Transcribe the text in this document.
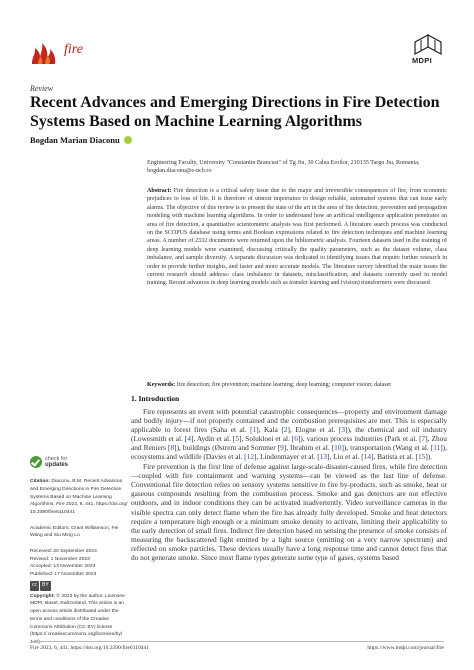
fire
MDPI
Review
Recent Advances and Emerging Directions in Fire Detection Systems Based on Machine Learning Algorithms
Bogdan Marian Diaconu

Engineering Faculty, University "Constantin Brancusi" of Tg Jiu, 30 Calea Eroilor, 210135 Targu Jiu, Romania;

bogdan.diaconu@e-ucb.ro

Abstract: Fire detection is a critical safety issue due to the major and irreversible consequences of fire, from economic prejudices to loss of life. It is therefore of utmost importance to design reliable, automated systems that can issue early alarms. The objective of this review is to present the state of the art in the area of fire detection, prevention and propagation modeling with machine learning algorithms. In order to understand how an artificial intelligence application penetrates an area of fire detection, a quantitative scientometric analysis was first performed. A literature search process was conducted on the SCOPUS database using terms and Boolean expressions related to fire detection techniques and machine learning areas. A number of 2332 documents were returned upon the bibliometric analysis. Fourteen datasets used in the training of deep learning models were examined, discussing critically the quality parameters, such as the dataset volume, class imbalance, and sample diversity. A separate discussion was dedicated to identifying issues that require further research in order to provide further insights, and faster and more accurate models. The literature survey identified the main issues the current research should address: class imbalance in datasets, misclassification, and datasets currently used in model training. Recent advances in deep learning models such as transfer learning and (vision) transformers were discussed.
Keywords: fire detection; fire prevention; machine learning; deep learning; computer vision; dataset
check for
updates

Citation: Diaconu, B.M. Recent Advances and Emerging Directions in Fire Detection Systems Based on Machine Learning Algorithms. Fire 2023, 6, 441. https://doi.org/ 10.3390/fire6110441

Academic Editors: Grant Williamson, Fei Wang and Siu Ming Lo

Received: 20 September 2023

Revised: 1 November 2023

Accepted: 13 November 2023

Published: 17 November 2023

cc	BY

Copyright: © 2023 by the author. Licensee MDPI, Basel, Switzerland. This article is an open access article distributed under the terms and conditions of the Creative Commons Attribution (CC BY) license (https:// creativecommons.org/licenses/by/ 4.0/).

1. Introduction

Fire represents an event with potential catastrophic consequences—property and environment damage and bodily injury—if not properly contained and the combustion prerequisites are met. This is especially applicable to forest fires (Saha et al. [1], Kala [2], Elogne et al. [3]), the chemical and oil industry (Lowesmith et al. [4], Aydin et al. [5], Solukloei et al. [6]), various process industries (Park et al. [7], Zhou and Reniers [8]), buildings (Østrem and Sommer [9], Ibrahim et al. [10]), transportation (Wang et al. [11]), ecosystems and wildlife (Davies et al. [12], Lindenmayer et al. [13], Liu et al. [14], Batista et al. [15]).

Fire prevention is the first line of defense against large-scale-disaster-caused fires, while fire detection—coupled with fire containment and warning systems—can be viewed as the last line of defense. Conventional fire detection relies on sensory systems sensitive to fire by-products, such as smoke, heat or gaseous compounds resulting from the combustion process. Smoke and gas detectors are not effective outdoors, and in indoor conditions they can be activated inadvertently. Video surveillance cameras in the visible spectra can only detect flame when the fire has already fully developed. Smoke and heat detectors require a temperature high enough or a minimum smoke density to activate, limiting their applicability to the early detection of small fires. Indirect fire detection based on sensing the presence of smoke consists of measuring the backscattered light emitted by a light source (emitting on a very narrow spectrum) and reflected on smoke particles. These devices usually have a long response time and cannot detect fires that do not generate smoke. Since most flame types generate some type of gases, systems based

Fire 2023, 6, 441. https://doi.org/10.3390/fire6110441	https://www.mdpi.com/journal/fire
